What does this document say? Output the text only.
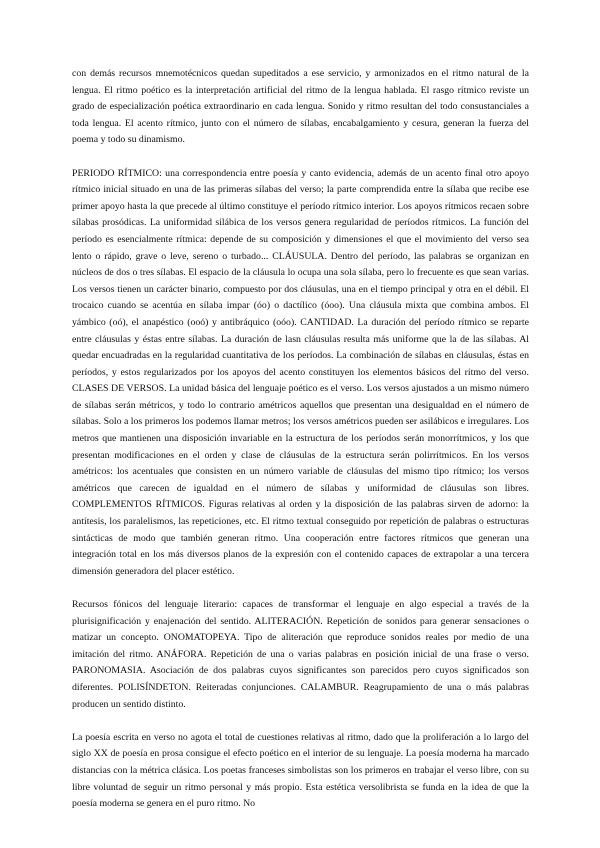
con demás recursos mnemotécnicos quedan supeditados a ese servicio, y armonizados en el ritmo natural de la lengua. El ritmo poético es la interpretación artificial del ritmo de la lengua hablada. El rasgo rítmico reviste un grado de especialización poética extraordinario en cada lengua. Sonido y ritmo resultan del todo consustanciales a toda lengua. El acento rítmico, junto con el número de sílabas, encabalgamiento y cesura, generan la fuerza del poema y todo su dinamismo.

PERIODO RÍTMICO: una correspondencia entre poesía y canto evidencia, además de un acento final otro apoyo rítmico inicial situado en una de las primeras sílabas del verso; la parte comprendida entre la sílaba que recibe ese primer apoyo hasta la que precede al último constituye el período rítmico interior. Los apoyos rítmicos recaen sobre sílabas prosódicas. La uniformidad silábica de los versos genera regularidad de períodos rítmicos. La función del período es esencialmente rítmica: depende de su composición y dimensiones el que el movimiento del verso sea lento o rápido, grave o leve, sereno o turbado... CLÁUSULA. Dentro del período, las palabras se organizan en núcleos de dos o tres sílabas. El espacio de la cláusula lo ocupa una sola sílaba, pero lo frecuente es que sean varias. Los versos tienen un carácter binario, compuesto por dos cláusulas, una en el tiempo principal y otra en el débil. El trocaico cuando se acentúa en sílaba impar (óo) o dactílico (óoo). Una cláusula mixta que combina ambos. El yámbico (oó), el anapéstico (ooó) y antibráquico (oóo). CANTIDAD. La duración del período rítmico se reparte entre cláusulas y éstas entre sílabas. La duración de lasn cláusulas resulta más uniforme que la de las sílabas. Al quedar encuadradas en la regularidad cuantitativa de los períodos. La combinación de sílabas en cláusulas, éstas en períodos, y estos regularizados por los apoyos del acento constituyen los elementos básicos del ritmo del verso. CLASES DE VERSOS. La unidad básica del lenguaje poético es el verso. Los versos ajustados a un mismo número de sílabas serán métricos, y todo lo contrario amétricos aquellos que presentan una desigualdad en el número de sílabas. Solo a los primeros los podemos llamar metros; los versos amétricos pueden ser asilábicos e irregulares. Los metros que mantienen una disposición invariable en la estructura de los períodos serán monorrítmicos, y los que presentan modificaciones en el orden y clase de cláusulas de la estructura serán polirrítmicos. En los versos amétricos: los acentuales que consisten en un número variable de cláusulas del mismo tipo rítmico; los versos amétricos que carecen de igualdad en el número de sílabas y uniformidad de cláusulas son libres. COMPLEMENTOS RÍTMICOS. Figuras relativas al orden y la disposición de las palabras sirven de adorno: la antítesis, los paralelismos, las repeticiones, etc. El ritmo textual conseguido por repetición de palabras o estructuras sintácticas de modo que también generan ritmo. Una cooperación entre factores rítmicos que generan una integración total en los más diversos planos de la expresión con el contenido capaces de extrapolar a una tercera dimensión generadora del placer estético.

Recursos fónicos del lenguaje literario: capaces de transformar el lenguaje en algo especial a través de la plurisignificación y enajenación del sentido. ALITERACIÓN. Repetición de sonidos para generar sensaciones o matizar un concepto. ONOMATOPEYA. Tipo de aliteración que reproduce sonidos reales por medio de una imitación del ritmo. ANÁFORA. Repetición de una o varias palabras en posición inicial de una frase o verso. PARONOMASIA. Asociación de dos palabras cuyos significantes son parecidos pero cuyos significados son diferentes. POLISÍNDETON. Reiteradas conjunciones. CALAMBUR. Reagrupamiento de una o más palabras producen un sentido distinto.

La poesía escrita en verso no agota el total de cuestiones relativas al ritmo, dado que la proliferación a lo largo del siglo XX de poesía en prosa consigue el efecto poético en el interior de su lenguaje. La poesía moderna ha marcado distancias con la métrica clásica. Los poetas franceses simbolistas son los primeros en trabajar el verso libre, con su libre voluntad de seguir un ritmo personal y más propio. Esta estética versolibrista se funda en la idea de que la poesía moderna se genera en el puro ritmo. No
